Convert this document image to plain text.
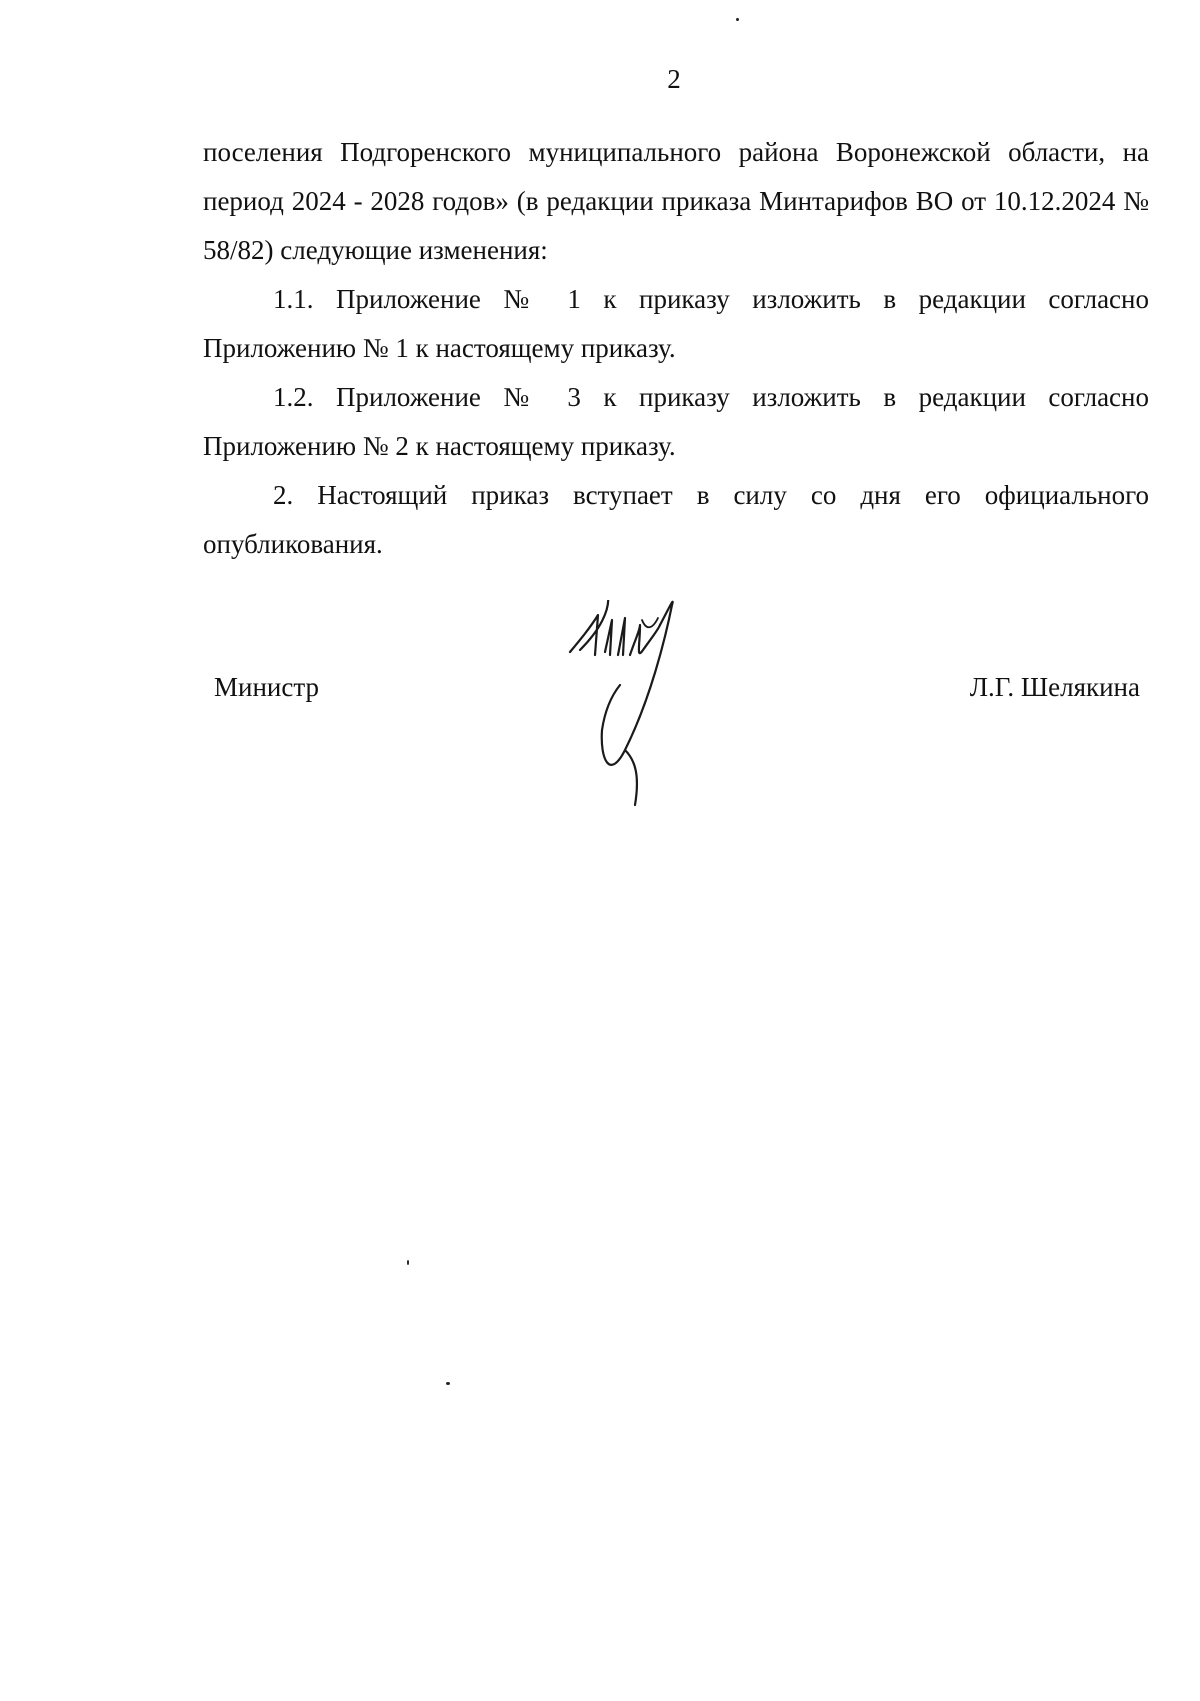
2

поселения Подгоренского муниципального района Воронежской области, на период 2024 - 2028 годов» (в редакции приказа Минтарифов ВО от 10.12.2024 № 58/82) следующие изменения:

1.1. Приложение № 1 к приказу изложить в редакции согласно Приложению № 1 к настоящему приказу.

1.2. Приложение № 3 к приказу изложить в редакции согласно Приложению № 2 к настоящему приказу.

2. Настоящий приказ вступает в силу со дня его официального опубликования.

Министр	Л.Г. Шелякина
